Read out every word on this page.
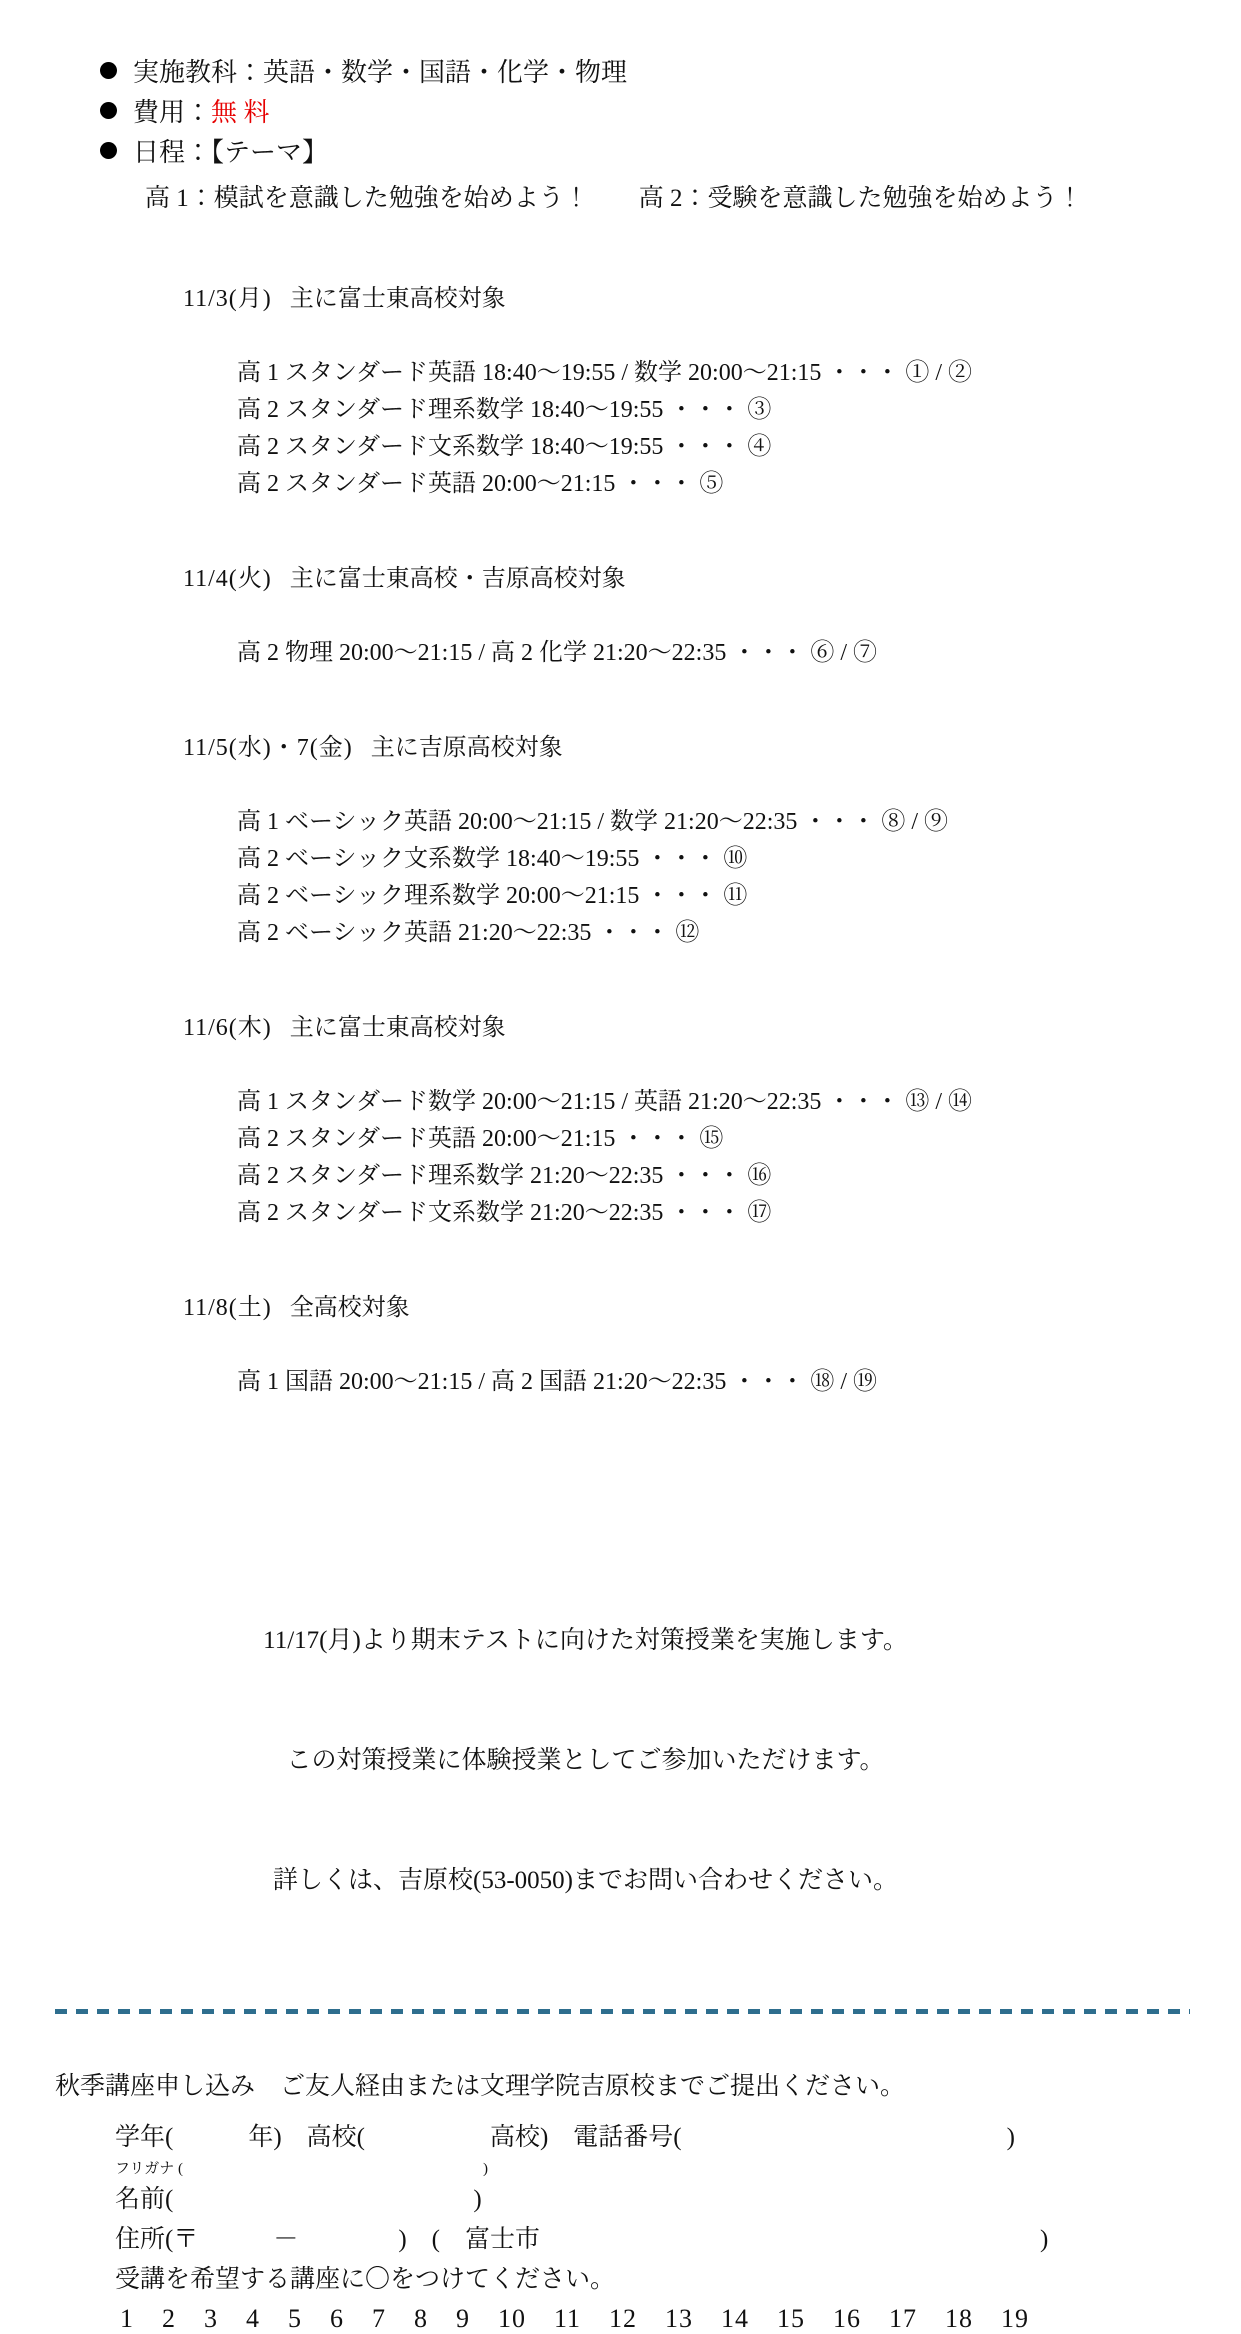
実施教科：英語・数学・国語・化学・物理
費用：無 料
日程：【テーマ】
高 1：模試を意識した勉強を始めよう！　　高 2：受験を意識した勉強を始めよう！

11/3(月) 主に富士東高校対象

高 1 スタンダード英語 18:40～19:55 / 数学 20:00～21:15 ・・・ ① / ②
高 2 スタンダード理系数学 18:40～19:55 ・・・ ③
高 2 スタンダード文系数学 18:40～19:55 ・・・ ④
高 2 スタンダード英語 20:00～21:15 ・・・ ⑤

11/4(火) 主に富士東高校・吉原高校対象

高 2 物理 20:00～21:15 / 高 2 化学 21:20～22:35 ・・・ ⑥ / ⑦

11/5(水)・7(金) 主に吉原高校対象

高 1 ベーシック英語 20:00～21:15 / 数学 21:20～22:35 ・・・ ⑧ / ⑨
高 2 ベーシック文系数学 18:40～19:55 ・・・ ⑩
高 2 ベーシック理系数学 20:00～21:15 ・・・ ⑪
高 2 ベーシック英語 21:20～22:35 ・・・ ⑫

11/6(木) 主に富士東高校対象

高 1 スタンダード数学 20:00～21:15 / 英語 21:20～22:35 ・・・ ⑬ / ⑭
高 2 スタンダード英語 20:00～21:15 ・・・ ⑮
高 2 スタンダード理系数学 21:20～22:35 ・・・ ⑯
高 2 スタンダード文系数学 21:20～22:35 ・・・ ⑰

11/8(土) 全高校対象

高 1 国語 20:00～21:15 / 高 2 国語 21:20～22:35 ・・・ ⑱ / ⑲

11/17(月)より期末テストに向けた対策授業を実施します。

この対策授業に体験授業としてご参加いただけます。

詳しくは、吉原校(53-0050)までお問い合わせください。

秋季講座申し込み　ご友人経由または文理学院吉原校までご提出ください。
学年(　　　年)　高校(　　　　　高校)　電話番号(　　　　　　　　　　　　　)
フリガナ (　　　　　　　　　　　　　　　　　　　　)
名前(　　　　　　　　　　　　)
住所(〒　　　－　　　　)　(　富士市　　　　　　　　　　　　　　　　　　　　)
受講を希望する講座に〇をつけてください。
1 2 3 4 5 6 7 8 9 10 11 12 13 14 15 16 17 18 19
